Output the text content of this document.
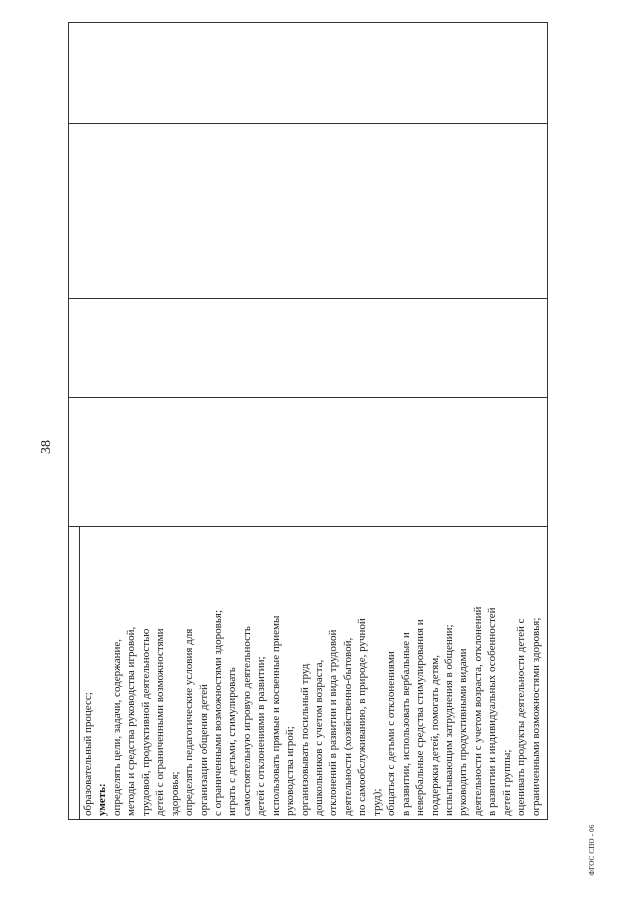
38

образовательный процесс; уметь: определять цели, задачи, содержание, методы и средства руководства игровой, трудовой, продуктивной деятельностью детей с ограниченными возможностями здоровья; определять педагогические условия для организации общения детей с ограниченными возможностями здоровья; играть с детьми, стимулировать самостоятельную игровую деятельность детей с отклонениями в развитии; использовать прямые и косвенные приемы руководства игрой; организовывать посильный труд дошкольников с учетом возраста, отклонений в развитии и вида трудовой деятельности (хозяйственно-бытовой, по самообслуживанию, в природе, ручной труд); общаться с детьми с отклонениями в развитии, использовать вербальные и невербальные средства стимулирования и поддержки детей, помогать детям, испытывающим затруднения в общении; руководить продуктивными видами деятельности с учетом возраста, отклонений в развитии и индивидуальных особенностей детей группы; оценивать продукты деятельности детей с ограниченными возможностями здоровья;
ФГОС СПО - 06
